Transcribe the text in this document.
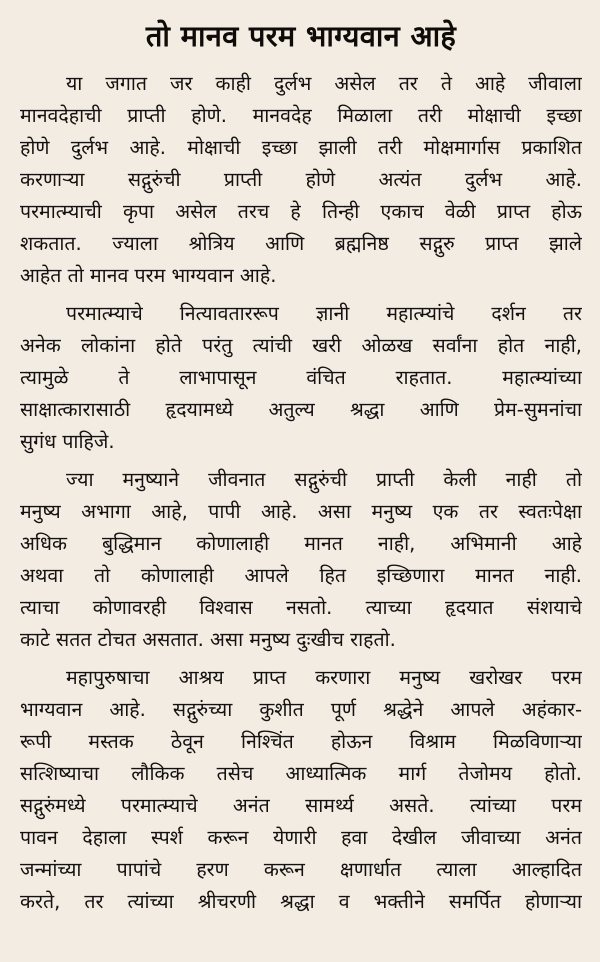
तो मानव परम भाग्यवान आहे
या जगात जर काही दुर्लभ असेल तर ते आहे जीवाला
मानवदेहाची प्राप्ती होणे. मानवदेह मिळाला तरी मोक्षाची इच्छा
होणे दुर्लभ आहे. मोक्षाची इच्छा झाली तरी मोक्षमार्गास प्रकाशित
करणाऱ्या सद्गुरुंची प्राप्ती होणे अत्यंत दुर्लभ आहे.
परमात्म्याची कृपा असेल तरच हे तिन्ही एकाच वेळी प्राप्त होऊ
शकतात. ज्याला श्रोत्रिय आणि ब्रह्मनिष्ठ सद्गुरु प्राप्त झाले
आहेत तो मानव परम भाग्यवान आहे.
परमात्म्याचे नित्यावताररूप ज्ञानी महात्म्यांचे दर्शन तर
अनेक लोकांना होते परंतु त्यांची खरी ओळख सर्वांना होत नाही,
त्यामुळे ते लाभापासून वंचित राहतात. महात्म्यांच्या
साक्षात्कारासाठी हृदयामध्ये अतुल्य श्रद्धा आणि प्रेम-सुमनांचा
सुगंध पाहिजे.
ज्या मनुष्याने जीवनात सद्गुरुंची प्राप्ती केली नाही तो
मनुष्य अभागा आहे, पापी आहे. असा मनुष्य एक तर स्वतःपेक्षा
अधिक बुद्धिमान कोणालाही मानत नाही, अभिमानी आहे
अथवा तो कोणालाही आपले हित इच्छिणारा मानत नाही.
त्याचा कोणावरही विश्वास नसतो. त्याच्या हृदयात संशयाचे
काटे सतत टोचत असतात. असा मनुष्य दुःखीच राहतो.
महापुरुषाचा आश्रय प्राप्त करणारा मनुष्य खरोखर परम
भाग्यवान आहे. सद्गुरुंच्या कुशीत पूर्ण श्रद्धेने आपले अहंकार-
रूपी मस्तक ठेवून निश्चिंत होऊन विश्राम मिळविणाऱ्या
सत्शिष्याचा लौकिक तसेच आध्यात्मिक मार्ग तेजोमय होतो.
सद्गुरुंमध्ये परमात्म्याचे अनंत सामर्थ्य असते. त्यांच्या परम
पावन देहाला स्पर्श करून येणारी हवा देखील जीवाच्या अनंत
जन्मांच्या पापांचे हरण करून क्षणार्धात त्याला आल्हादित
करते, तर त्यांच्या श्रीचरणी श्रद्धा व भक्तीने समर्पित होणाऱ्या
